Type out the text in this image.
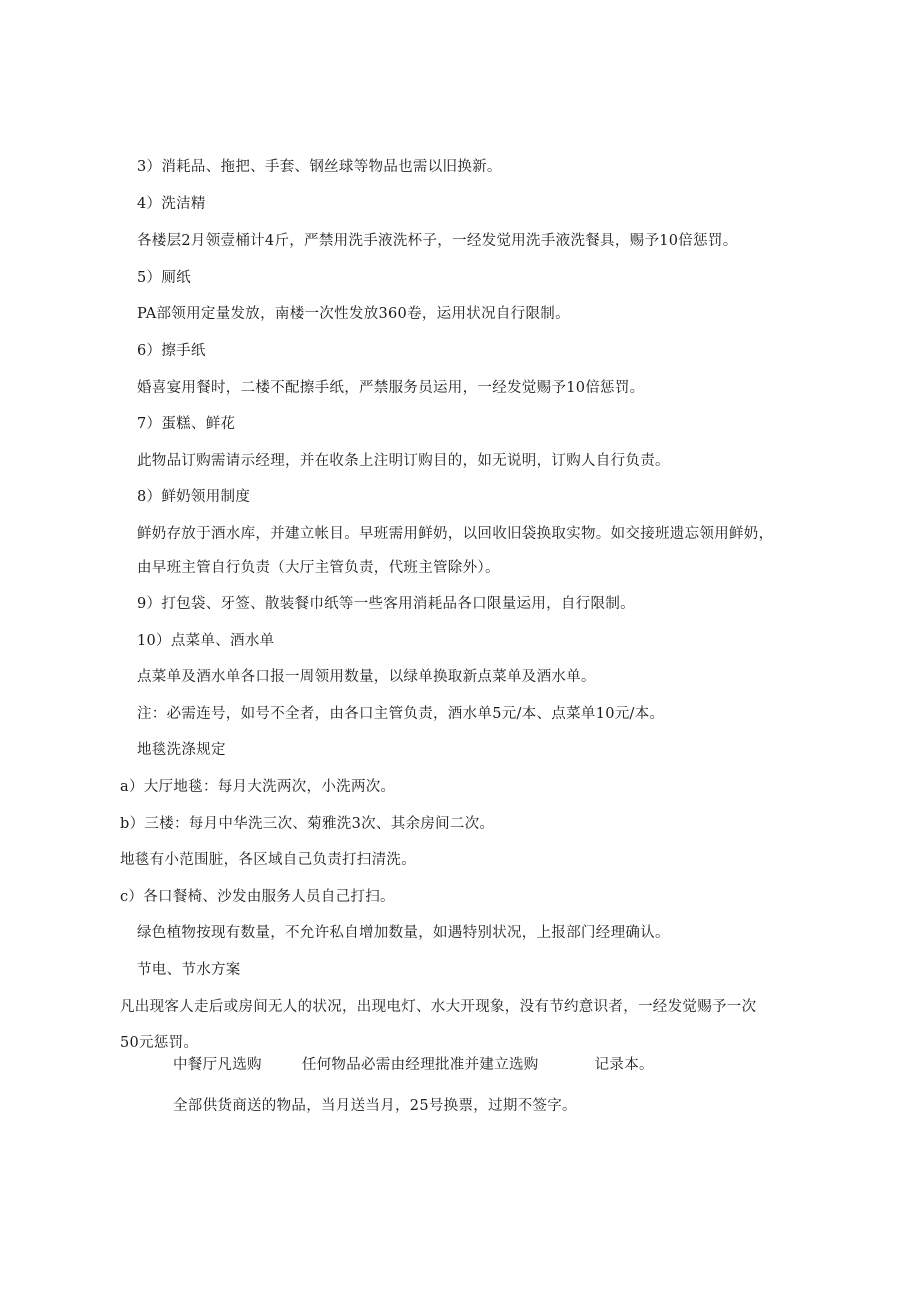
3）消耗品、拖把、手套、钢丝球等物品也需以旧换新。
4）洗洁精
各楼层2月领壹桶计4斤，严禁用洗手液洗杯子，一经发觉用洗手液洗餐具，赐予10倍惩罚。
5）厕纸
PA部领用定量发放，南楼一次性发放360卷，运用状况自行限制。
6）擦手纸
婚喜宴用餐时，二楼不配擦手纸，严禁服务员运用，一经发觉赐予10倍惩罚。
7）蛋糕、鲜花
此物品订购需请示经理，并在收条上注明订购目的，如无说明，订购人自行负责。
8）鲜奶领用制度
鲜奶存放于酒水库，并建立帐目。早班需用鲜奶，以回收旧袋换取实物。如交接班遗忘领用鲜奶，
由早班主管自行负责（大厅主管负责，代班主管除外）。
9）打包袋、牙签、散装餐巾纸等一些客用消耗品各口限量运用，自行限制。
10）点菜单、酒水单
点菜单及酒水单各口报一周领用数量，以绿单换取新点菜单及酒水单。
注：必需连号，如号不全者，由各口主管负责，酒水单5元/本、点菜单10元/本。
地毯洗涤规定
a）大厅地毯：每月大洗两次，小洗两次。
b）三楼：每月中华洗三次、菊雅洗3次、其余房间二次。
地毯有小范围脏，各区域自己负责打扫清洗。
c）各口餐椅、沙发由服务人员自己打扫。
绿色植物按现有数量，不允许私自增加数量，如遇特别状况，上报部门经理确认。
节电、节水方案
凡出现客人走后或房间无人的状况，出现电灯、水大开现象，没有节约意识者，一经发觉赐予一次
50元惩罚。
中餐厅凡选购	任何物品必需由经理批准并建立选购	记录本。
全部供货商送的物品，当月送当月，25号换票，过期不签字。
